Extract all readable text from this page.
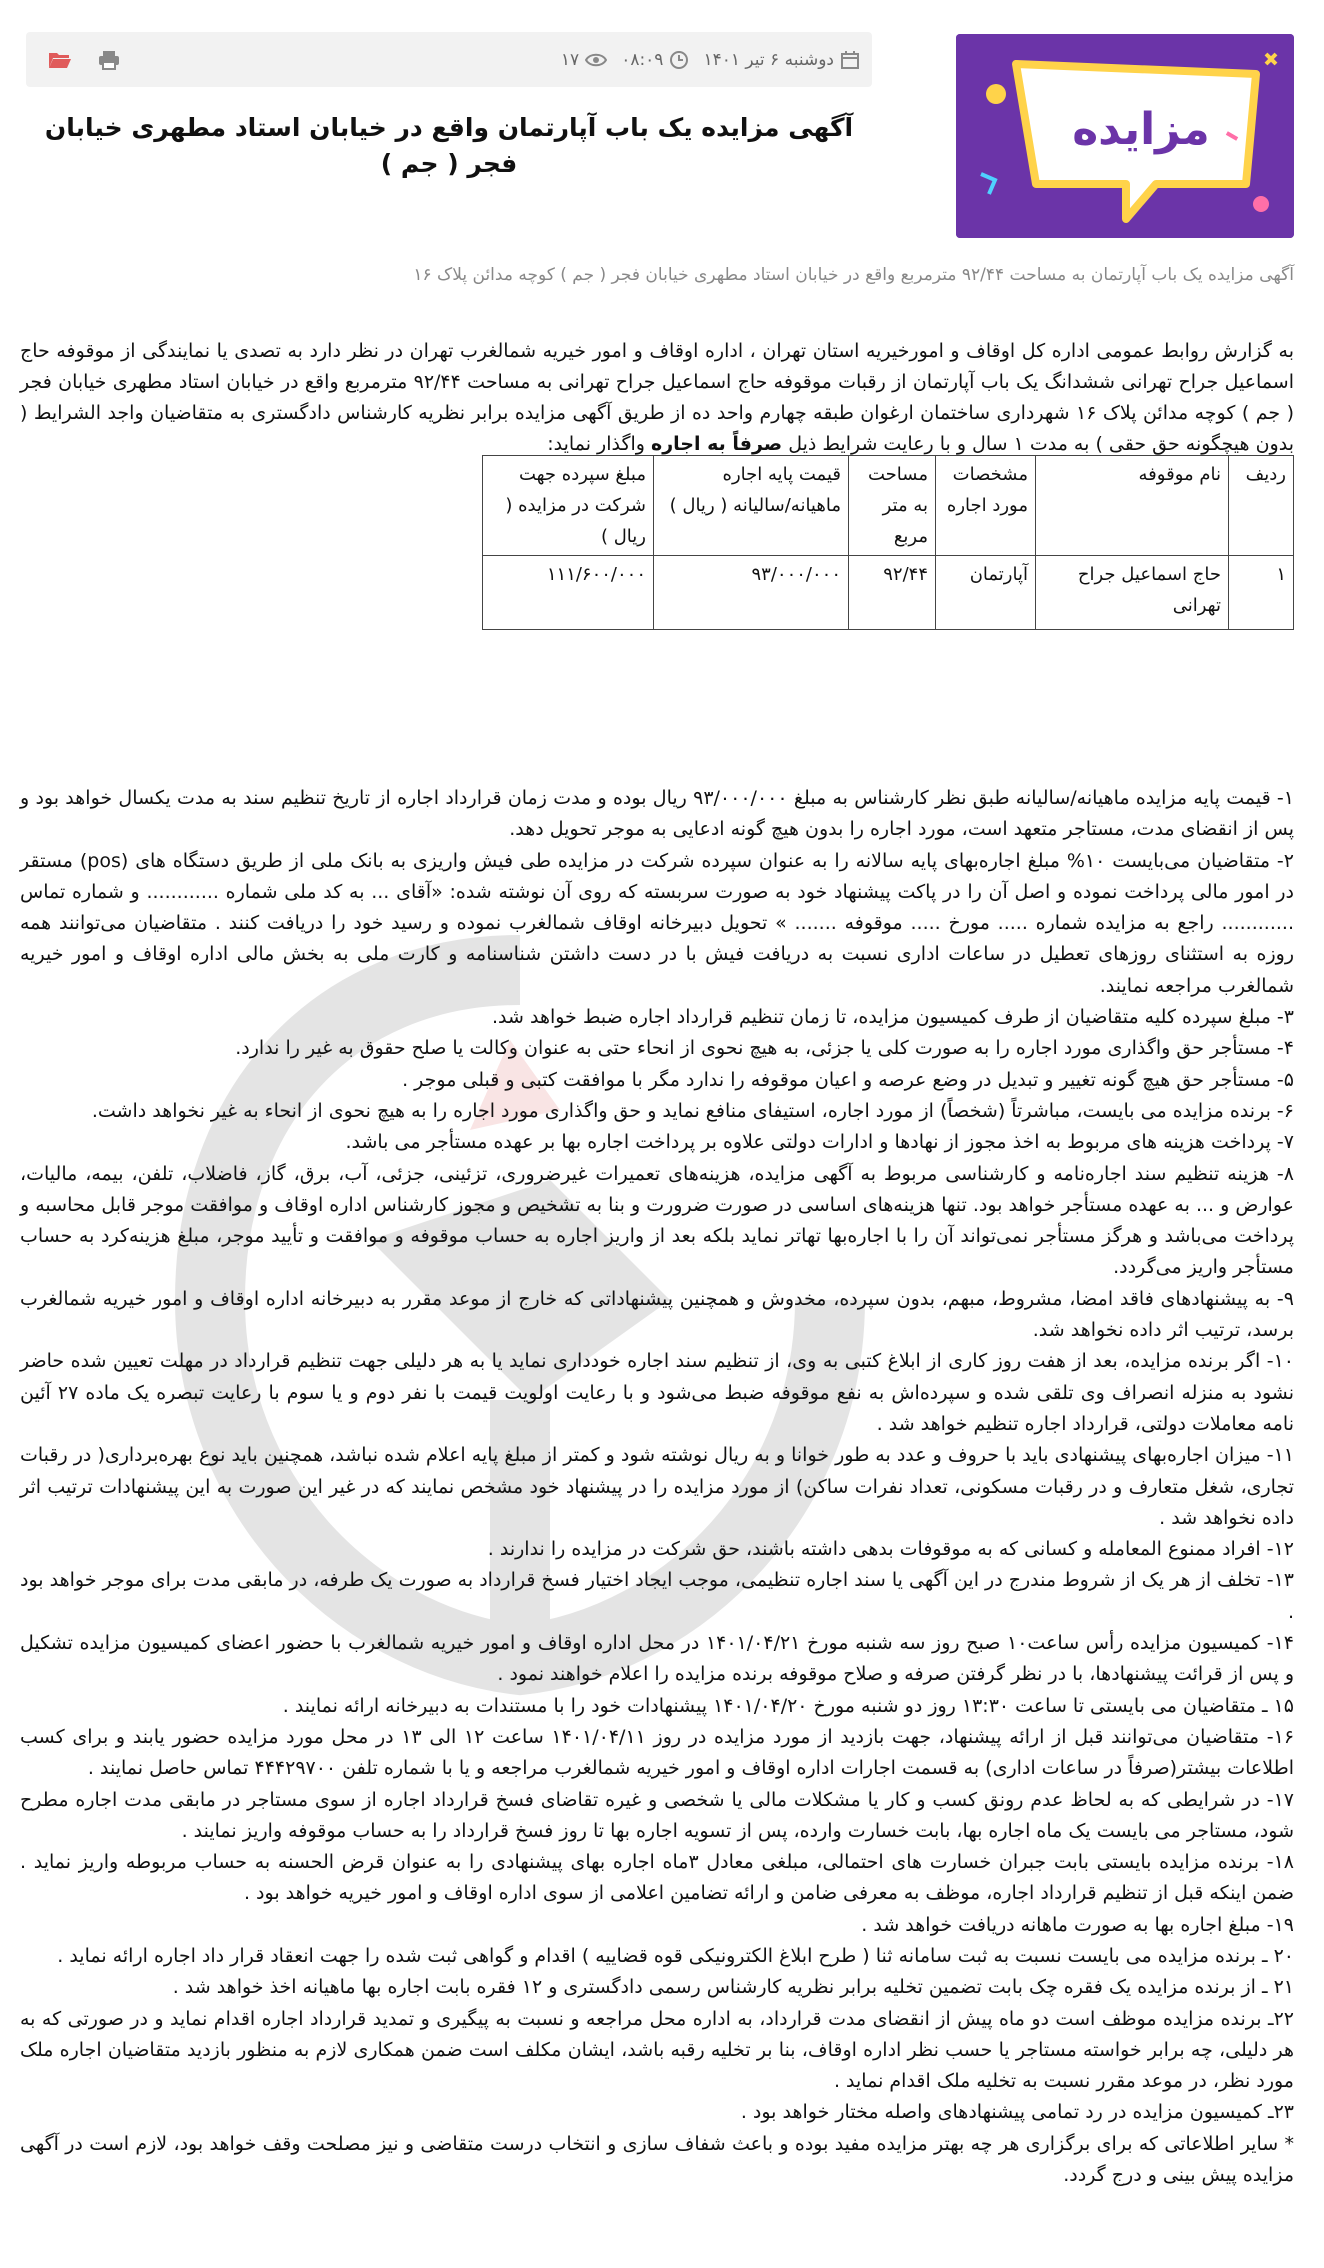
مزایده
دوشنبه ۶ تیر ۱۴۰۱
۰۸:۰۹
۱۷
آگهی مزایده یک باب آپارتمان واقع در خیابان استاد مطهری خیابان فجر ( جم )
آگهی مزایده یک باب آپارتمان به مساحت ۹۲/۴۴ مترمربع واقع در خیابان استاد مطهری خیابان فجر ( جم ) کوچه مدائن پلاک ۱۶
به گزارش روابط عمومی اداره کل اوقاف و امورخیریه استان تهران ، اداره اوقاف و امور خیریه شمالغرب تهران در نظر دارد به تصدی یا نمایندگی از موقوفه حاج اسماعیل جراح تهرانی ششدانگ یک باب آپارتمان از رقبات موقوفه حاج اسماعیل جراح تهرانی به مساحت ۹۲/۴۴ مترمربع واقع در خیابان استاد مطهری خیابان فجر ( جم ) کوچه مدائن پلاک ۱۶ شهرداری ساختمان ارغوان طبقه چهارم واحد ده از طریق آگهی مزایده برابر نظریه کارشناس دادگستری به متقاضیان واجد الشرایط ( بدون هیچگونه حق حقی ) به مدت ۱ سال و با رعایت شرایط ذیل صرفاً به اجاره واگذار نماید:
ردیف	نام موقوفه	مشخصات مورد اجاره	مساحت به متر مربع	قیمت پایه اجاره ماهیانه/سالیانه ( ریال )	مبلغ سپرده جهت شرکت در مزایده ( ریال )
۱	حاج اسماعیل جراح تهرانی	آپارتمان	۹۲/۴۴	۹۳/۰۰۰/۰۰۰	۱۱۱/۶۰۰/۰۰۰

۱- قیمت پایه مزایده ماهیانه/سالیانه طبق نظر کارشناس به مبلغ ۹۳/۰۰۰/۰۰۰ ریال بوده و مدت زمان قرارداد اجاره از تاریخ تنظیم سند به مدت یکسال خواهد بود و پس از انقضای مدت، مستاجر متعهد است، مورد اجاره را بدون هیچ گونه ادعایی به موجر تحویل دهد.

۲- متقاضیان می‌بایست ۱۰% مبلغ اجاره‌بهای پایه سالانه را به عنوان سپرده شرکت در مزایده طی فیش واریزی به بانک ملی از طریق دستگاه های (pos) مستقر در امور مالی پرداخت نموده و اصل آن را در پاکت پیشنهاد خود به صورت سربسته که روی آن نوشته شده: «آقای ... به کد ملی شماره ............ و شماره تماس ............ راجع به مزایده شماره ..... مورخ ..... موقوفه ....... » تحویل دبیرخانه اوقاف شمالغرب نموده و رسید خود را دریافت کنند . متقاضیان می‌توانند همه روزه به استثنای روزهای تعطیل در ساعات اداری نسبت به دریافت فیش با در دست داشتن شناسنامه و کارت ملی به بخش مالی اداره اوقاف و امور خیریه شمالغرب مراجعه نمایند.

۳- مبلغ سپرده کلیه متقاضیان از طرف کمیسیون مزایده، تا زمان تنظیم قرارداد اجاره ضبط خواهد شد.

۴- مستأجر حق واگذاری مورد اجاره را به صورت کلی یا جزئی، به هیچ نحوی از انحاء حتی به عنوان وکالت یا صلح حقوق به غیر را ندارد.

۵- مستأجر حق هیچ گونه تغییر و تبدیل در وضع عرصه و اعیان موقوفه را ندارد مگر با موافقت کتبی و قبلی موجر .

۶- برنده مزایده می بایست، مباشرتاً (شخصاً) از مورد اجاره، استیفای منافع نماید و حق واگذاری مورد اجاره را به هیچ نحوی از انحاء به غیر نخواهد داشت.

۷- پرداخت هزینه های مربوط به اخذ مجوز از نهادها و ادارات دولتی علاوه بر پرداخت اجاره بها بر عهده مستأجر می باشد.

۸- هزینه تنظیم سند اجاره‌نامه و کارشناسی مربوط به آگهی مزایده، هزینه‌های تعمیرات غیرضروری، تزئینی، جزئی، آب، برق، گاز، فاضلاب، تلفن، بیمه، مالیات، عوارض و ... به عهده مستأجر خواهد بود. تنها هزینه‌های اساسی در صورت ضرورت و بنا به تشخیص و مجوز کارشناس اداره اوقاف و موافقت موجر قابل محاسبه و پرداخت می‌باشد و هرگز مستأجر نمی‌تواند آن را با اجاره‌بها تهاتر نماید بلکه بعد از واریز اجاره به حساب موقوفه و موافقت و تأیید موجر، مبلغ هزینه‌کرد به حساب مستأجر واریز می‌گردد.

۹- به پیشنهادهای فاقد امضا، مشروط، مبهم، بدون سپرده، مخدوش و همچنین پیشنهاداتی که خارج از موعد مقرر به دبیرخانه اداره اوقاف و امور خیریه شمالغرب برسد، ترتیب اثر داده نخواهد شد.

۱۰- اگر برنده مزایده، بعد از هفت روز کاری از ابلاغ کتبی به وی، از تنظیم سند اجاره خودداری نماید یا به هر دلیلی جهت تنظیم قرارداد در مهلت تعیین شده حاضر نشود به منزله انصراف وی تلقی شده و سپرده‌اش به نفع موقوفه ضبط می‌شود و با رعایت اولویت قیمت با نفر دوم و یا سوم با رعایت تبصره یک ماده ۲۷ آئین نامه معاملات دولتی، قرارداد اجاره تنظیم خواهد شد .

۱۱- میزان اجاره‌بهای پیشنهادی باید با حروف و عدد به طور خوانا و به ریال نوشته شود و کمتر از مبلغ پایه اعلام شده نباشد، همچنین باید نوع بهره‌برداری( در رقبات تجاری، شغل متعارف و در رقبات مسکونی، تعداد نفرات ساکن) از مورد مزایده را در پیشنهاد خود مشخص نمایند که در غیر این صورت به این پیشنهادات ترتیب اثر داده نخواهد شد .

۱۲- افراد ممنوع المعامله و کسانی که به موقوفات بدهی داشته باشند، حق شرکت در مزایده را ندارند .

۱۳- تخلف از هر یک از شروط مندرج در این آگهی یا سند اجاره تنظیمی، موجب ایجاد اختیار فسخ قرارداد به صورت یک طرفه، در مابقی مدت برای موجر خواهد بود .

۱۴- کمیسیون مزایده رأس ساعت۱۰ صبح روز سه شنبه مورخ ۱۴۰۱/۰۴/۲۱ در محل اداره اوقاف و امور خیریه شمالغرب با حضور اعضای کمیسیون مزایده تشکیل و پس از قرائت پیشنهادها، با در نظر گرفتن صرفه و صلاح موقوفه برنده مزایده را اعلام خواهند نمود .

۱۵ ـ متقاضیان می بایستی تا ساعت ۱۳:۳۰ روز دو شنبه مورخ ۱۴۰۱/۰۴/۲۰ پیشنهادات خود را با مستندات به دبیرخانه ارائه نمایند .

۱۶- متقاضیان می‌توانند قبل از ارائه پیشنهاد، جهت بازدید از مورد مزایده در روز ۱۴۰۱/۰۴/۱۱ ساعت ۱۲ الی ۱۳ در محل مورد مزایده حضور یابند و برای کسب اطلاعات بیشتر(صرفاً در ساعات اداری) به قسمت اجارات اداره اوقاف و امور خیریه شمالغرب مراجعه و یا با شماره تلفن ۴۴۴۲۹۷۰۰ تماس حاصل نمایند .

۱۷- در شرایطی که به لحاظ عدم رونق کسب و کار یا مشکلات مالی یا شخصی و غیره تقاضای فسخ قرارداد اجاره از سوی مستاجر در مابقی مدت اجاره مطرح شود، مستاجر می بایست یک ماه اجاره بها، بابت خسارت وارده، پس از تسویه اجاره بها تا روز فسخ قرارداد را به حساب موقوفه واریز نمایند .

۱۸- برنده مزایده بایستی بابت جبران خسارت های احتمالی، مبلغی معادل ۳ماه اجاره بهای پیشنهادی را به عنوان قرض الحسنه به حساب مربوطه واریز نماید . ضمن اینکه قبل از تنظیم قرارداد اجاره، موظف به معرفی ضامن و ارائه تضامین اعلامی از سوی اداره اوقاف و امور خیریه خواهد بود .

۱۹- مبلغ اجاره بها به صورت ماهانه دریافت خواهد شد .

۲۰ ـ برنده مزایده می بایست نسبت به ثبت سامانه ثنا ( طرح ابلاغ الکترونیکی قوه قضاییه ) اقدام و گواهی ثبت شده را جهت انعقاد قرار داد اجاره ارائه نماید .

۲۱ ـ از برنده مزایده یک فقره چک بابت تضمین تخلیه برابر نظریه کارشناس رسمی دادگستری و ۱۲ فقره بابت اجاره بها ماهیانه اخذ خواهد شد .

۲۲ـ برنده مزایده موظف است دو ماه پیش از انقضای مدت قرارداد، به اداره محل مراجعه و نسبت به پیگیری و تمدید قرارداد اجاره اقدام نماید و در صورتی که به هر دلیلی، چه برابر خواسته مستاجر یا حسب نظر اداره اوقاف، بنا بر تخلیه رقبه باشد، ایشان مکلف است ضمن همکاری لازم به منظور بازدید متقاضیان اجاره ملک مورد نظر، در موعد مقرر نسبت به تخلیه ملک اقدام نماید .

۲۳ـ کمیسیون مزایده در رد تمامی پیشنهادهای واصله مختار خواهد بود .

* سایر اطلاعاتی که برای برگزاری هر چه بهتر مزایده مفید بوده و باعث شفاف سازی و انتخاب درست متقاضی و نیز مصلحت وقف خواهد بود، لازم است در آگهی مزایده پیش بینی و درج گردد.
